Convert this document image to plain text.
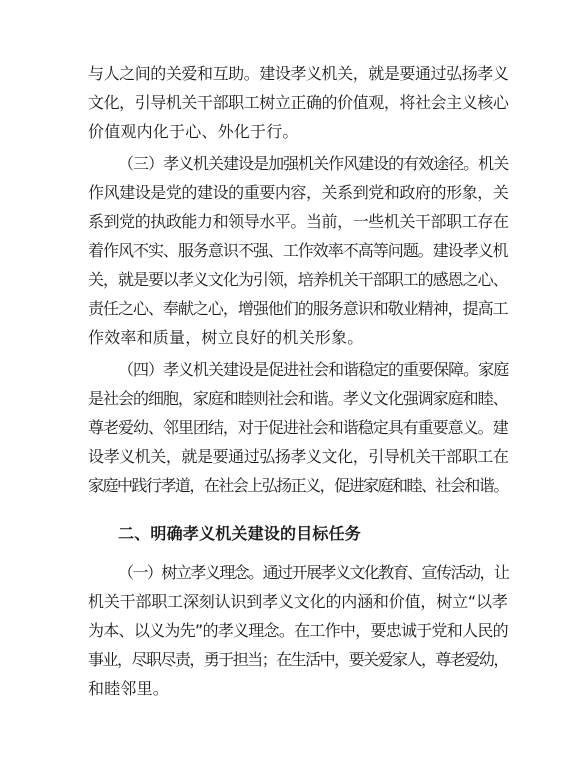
与人之间的关爱和互助。建设孝义机关，就是要通过弘扬孝义
文化，引导机关干部职工树立正确的价值观，将社会主义核心
价值观内化于心、外化于行。
（三）孝义机关建设是加强机关作风建设的有效途径。机关
作风建设是党的建设的重要内容，关系到党和政府的形象，关
系到党的执政能力和领导水平。当前，一些机关干部职工存在
着作风不实、服务意识不强、工作效率不高等问题。建设孝义机
关，就是要以孝义文化为引领，培养机关干部职工的感恩之心、
责任之心、奉献之心，增强他们的服务意识和敬业精神，提高工
作效率和质量，树立良好的机关形象。
（四）孝义机关建设是促进社会和谐稳定的重要保障。家庭
是社会的细胞，家庭和睦则社会和谐。孝义文化强调家庭和睦、
尊老爱幼、邻里团结，对于促进社会和谐稳定具有重要意义。建
设孝义机关，就是要通过弘扬孝义文化，引导机关干部职工在
家庭中践行孝道，在社会上弘扬正义，促进家庭和睦、社会和谐。
二、明确孝义机关建设的目标任务
（一）树立孝义理念。通过开展孝义文化教育、宣传活动，让
机关干部职工深刻认识到孝义文化的内涵和价值，树立“以孝
为本、以义为先”的孝义理念。在工作中，要忠诚于党和人民的
事业，尽职尽责，勇于担当；在生活中，要关爱家人，尊老爱幼，
和睦邻里。
